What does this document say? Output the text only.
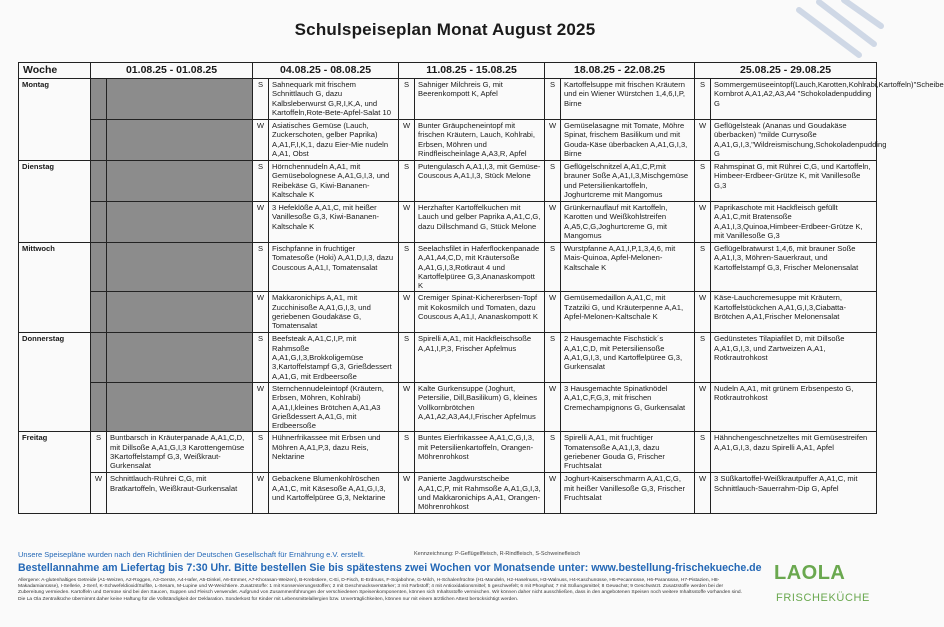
Schulspeiseplan Monat August 2025
Woche	01.08.25 - 01.08.25		04.08.25 - 08.08.25		11.08.25 - 15.08.25		18.08.25 - 22.08.25		25.08.25 - 29.08.25	
Montag			S	Sahnequark mit frischem Schnittlauch G, dazu Kalbsleberwurst G,R,I,K,A, und Kartoffeln,Rote-Bete-Apfel-Salat 10	S	Sahniger Milchreis G, mit Beerenkompott K, Apfel	S	Kartoffelsuppe mit frischen Kräutern und ein Wiener Würstchen 1,4,6,I,P, Birne	S	Sommergemüseeintopf(Lauch,Karotten,Kohlrabi,Kartoffeln)"Scheibe Kornbrot A,A1,A2,A3,A4 "Schokoladenpudding G
			W	Asiatisches Gemüse (Lauch, Zuckerschoten, gelber Paprika) A,A1,F,I,K,1, dazu Eier-Mie nudeln A,A1, Obst	W	Bunter Gräupcheneintopf mit frischen Kräutern, Lauch, Kohlrabi, Erbsen, Möhren und Rindfleischeinlage A,A3,R, Apfel	W	Gemüselasagne mit Tomate, Möhre Spinat, frischem Basilikum und mit Gouda-Käse überbacken A,A1,G,I,3, Birne	W	Geflügelsteak (Ananas und Goudakäse überbacken) "milde Currysoße A,A1,G,I,3,"Wildreismischung,Schokoladenpudding G
Dienstag			S	Hörnchennudeln A,A1, mit Gemüsebolognese A,A1,G,I,3, und Reibekäse G, Kiwi-Bananen-Kaltschale K	S	Putengulasch A,A1,I,3, mit Gemüse-Couscous A,A1,I,3, Stück Melone	S	Geflügelschnitzel A,A1,C,P,mit brauner Soße A,A1,I,3,Mischgemüse und Petersilienkartoffeln, Joghurtcreme mit Mangomus	S	Rahmspinat G, mit Rührei C,G, und Kartoffeln, Himbeer-Erdbeer-Grütze K, mit Vanillesoße G,3
			W	3 Hefeklöße A,A1,C, mit heißer Vanillesoße G,3, Kiwi-Bananen-Kaltschale K	W	Herzhafter Kartoffelkuchen mit Lauch und gelber Paprika A,A1,C,G, dazu Dillschmand G, Stück Melone	W	Grünkernauflauf mit Kartoffeln, Karotten und Weißkohlstreifen A,A5,C,G,Joghurtcreme G, mit Mangomus	W	Paprikaschote mit Hackfleisch gefüllt A,A1,C,mit Bratensoße A,A1,I,3,Quinoa,Himbeer-Erdbeer-Grütze K, mit Vanillesoße G,3
Mittwoch			S	Fischpfanne in fruchtiger Tomatesoße (Hoki) A,A1,D,I,3, dazu Couscous A,A1,I, Tomatensalat	S	Seelachsfilet in Haferflockenpanade A,A1,A4,C,D, mit Kräutersoße A,A1,G,I,3,Rotkraut 4 und Kartoffelpüree G,3,Ananaskompott K	S	Wurstpfanne A,A1,I,P,1,3,4,6, mit Mais-Quinoa, Apfel-Melonen-Kaltschale K	S	Geflügelbratwurst 1,4,6, mit brauner Soße A,A1,I,3, Möhren-Sauerkraut, und Kartoffelstampf G,3, Frischer Melonensalat
			W	Makkaronichips A,A1, mit Zucchinisoße A,A1,G,I,3, und geriebenen Goudakäse G, Tomatensalat	W	Cremiger Spinat-Kichererbsen-Topf mit Kokosmilch und Tomaten, dazu Couscous A,A1,I, Ananaskompott K	W	Gemüsemedaillon A,A1,C, mit Tzatziki G, und Kräuterpenne A,A1, Apfel-Melonen-Kaltschale K	W	Käse-Lauchcremesuppe mit Kräutern, Kartoffelstückchen A,A1,G,I,3,Ciabatta-Brötchen A,A1,Frischer Melonensalat
Donnerstag			S	Beefsteak A,A1,C,I,P, mit Rahmsoße A,A1,G,I,3,Brokkoligemüse 3,Kartoffelstampf G,3, Grießdessert A,A1,G, mit Erdbeersoße	S	Spirelli A,A1, mit Hackfleischsoße A,A1,I,P,3, Frischer Apfelmus	S	2 Hausgemachte Fischstick´s A,A1,C,D, mit Petersiliensoße A,A1,G,I,3, und Kartoffelpüree G,3, Gurkensalat	S	Gedünstetes Tilapiafilet D, mit Dillsoße A,A1,G,I,3, und Zartweizen A,A1, Rotkrautrohkost
			W	Sternchennudeleintopf (Kräutern, Erbsen, Möhren, Kohlrabi) A,A1,I,kleines Brötchen A,A1,A3 Grießdessert A,A1,G, mit Erdbeersoße	W	Kalte Gurkensuppe (Joghurt, Petersilie, Dill,Basilikum) G, kleines Vollkornbrötchen A,A1,A2,A3,A4,I,Frischer Apfelmus	W	3 Hausgemachte Spinatknödel A,A1,C,F,G,3, mit frischen Cremechampignons G, Gurkensalat	W	Nudeln A,A1, mit grünem Erbsenpesto G, Rotkrautrohkost
Freitag	S	Buntbarsch in Kräuterpanade A,A1,C,D, mit Dillsoße A,A1,G,I,3 Karottengemüse 3Kartoffelstampf G,3, Weißkraut-Gurkensalat	S	Hühnerfrikassee mit Erbsen und Möhren A,A1,P,3, dazu Reis, Nektarine	S	Buntes Eierfrikassee A,A1,C,G,I,3, mit Petersilienkartoffeln, Orangen-Möhrenrohkost	S	Spirelli A,A1, mit fruchtiger Tomatensoße A,A1,I,3, dazu geriebener Gouda G, Frischer Fruchtsalat	S	Hähnchengeschnetzeltes mit Gemüsestreifen A,A1,G,I,3, dazu Spirelli A,A1, Apfel
	W	Schnittlauch-Rührei C,G, mit Bratkartoffeln, Weißkraut-Gurkensalat	W	Gebackene Blumenkohlröschen A,A1,C, mit Käsesoße A,A1,G,I,3, und Kartoffelpüree G,3, Nektarine	W	Panierte Jagdwurstscheibe A,A1,C,P, mit Rahmsoße A,A1,G,I,3, und Makkaronichips A,A1, Orangen-Möhrenrohkost	W	Joghurt-Kaiserschmarrn A,A1,C,G, mit heißer Vanillesoße G,3, Frischer Fruchtsalat	W	3 Süßkartoffel-Weißkrautpuffer A,A1,C, mit Schnittlauch-Sauerrahm-Dip G, Apfel
Unsere Speisepläne wurden nach den Richtlinien der Deutschen Gesellschaft für Ernährung e.V. erstellt.	Kennzeichnung: P-Geflügelfleisch, R-Rindfleisch, S-Schweinefleisch
Bestellannahme am Liefertag bis 7:30 Uhr. Bitte bestellen Sie bis spätestens zwei Wochen vor Monatsende unter: www.bestellung-frischekueche.de
Allergene: A-glutenhaltiges Getreide (A1-Weizen, A2-Roggen, A3-Gerste, A4-Hafer, A5-Dinkel, A6-Emmer, A7-Khorasan-Weizen), B-Krebstiere, C-Ei, D-Fisch, E-Erdnuss, F-Sojabohne, G-Milch, H-Schalenfrüchte (H1-Mandeln, H2-Haselnuss, H3-Walnuss, H4-Kaschunüsse, H5-Pecannüsse, H6-Paranüsse, H7-Pistazien, H8-Makadamianüsse), I-Sellerie, J-Senf, K-Schwefeldioxid/Sulfite, L-Sesam, M-Lupine und W-Weichtiere. Zusatzstoffe: 1 mit Konservierungsstoffen; 2 mit Geschmacksverstärker; 3 mit Farbstoff; 4 mit Antioxidationsmittel; 5 geschwefelt; 6 mit Phosphat; 7 mit Süßungsmittel; 8 Gewachst; 9 Geschwärzt. Zusatzstoffe werden bei der Zubereitung vermieden. Kartoffeln und Gemüse sind bei den Saucen, Suppen und Fleisch verwendet. Aufgrund von Zusammenführungen der verschiedenen Speisenkomponenten, können sich Inhaltsstoffe vermischen. Wir können daher nicht ausschließen, dass in den angebotenen Speisen noch weitere Inhaltsstoffe vorhanden sind. Die La Ola Zentralküche übernimmt daher keine Haftung für die Vollständigkeit der Deklaration. Sonderkost für Kinder mit Lebensmittelallergien bzw. Unverträglichkeiten, können nur mit einem ärztlichen Attest berücksichtigt werden.
LAOLA
FRISCHEKÜCHE
